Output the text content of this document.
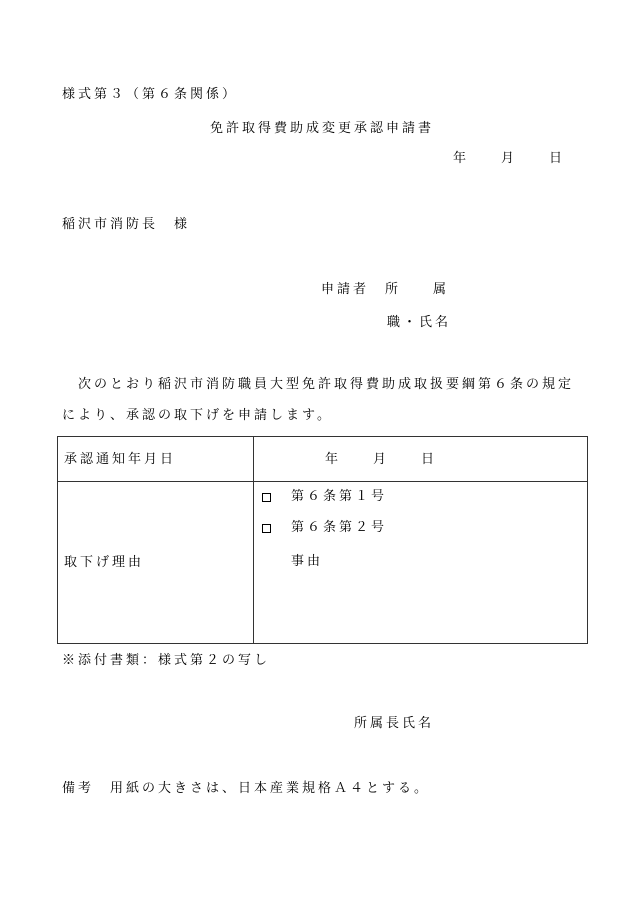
様式第３（第６条関係）
免許取得費助成変更承認申請書
年　　月　　日
稲沢市消防長　様
申請者　所　　属
職・氏名
次のとおり稲沢市消防職員大型免許取得費助成取扱要綱第６条の規定
により、承認の取下げを申請します。
承認通知年月日	年　　月　　日
取下げ理由
第６条第１号
第６条第２号
事由
※添付書類：様式第２の写し
所属長氏名
備考　用紙の大きさは、日本産業規格Ａ４とする。
